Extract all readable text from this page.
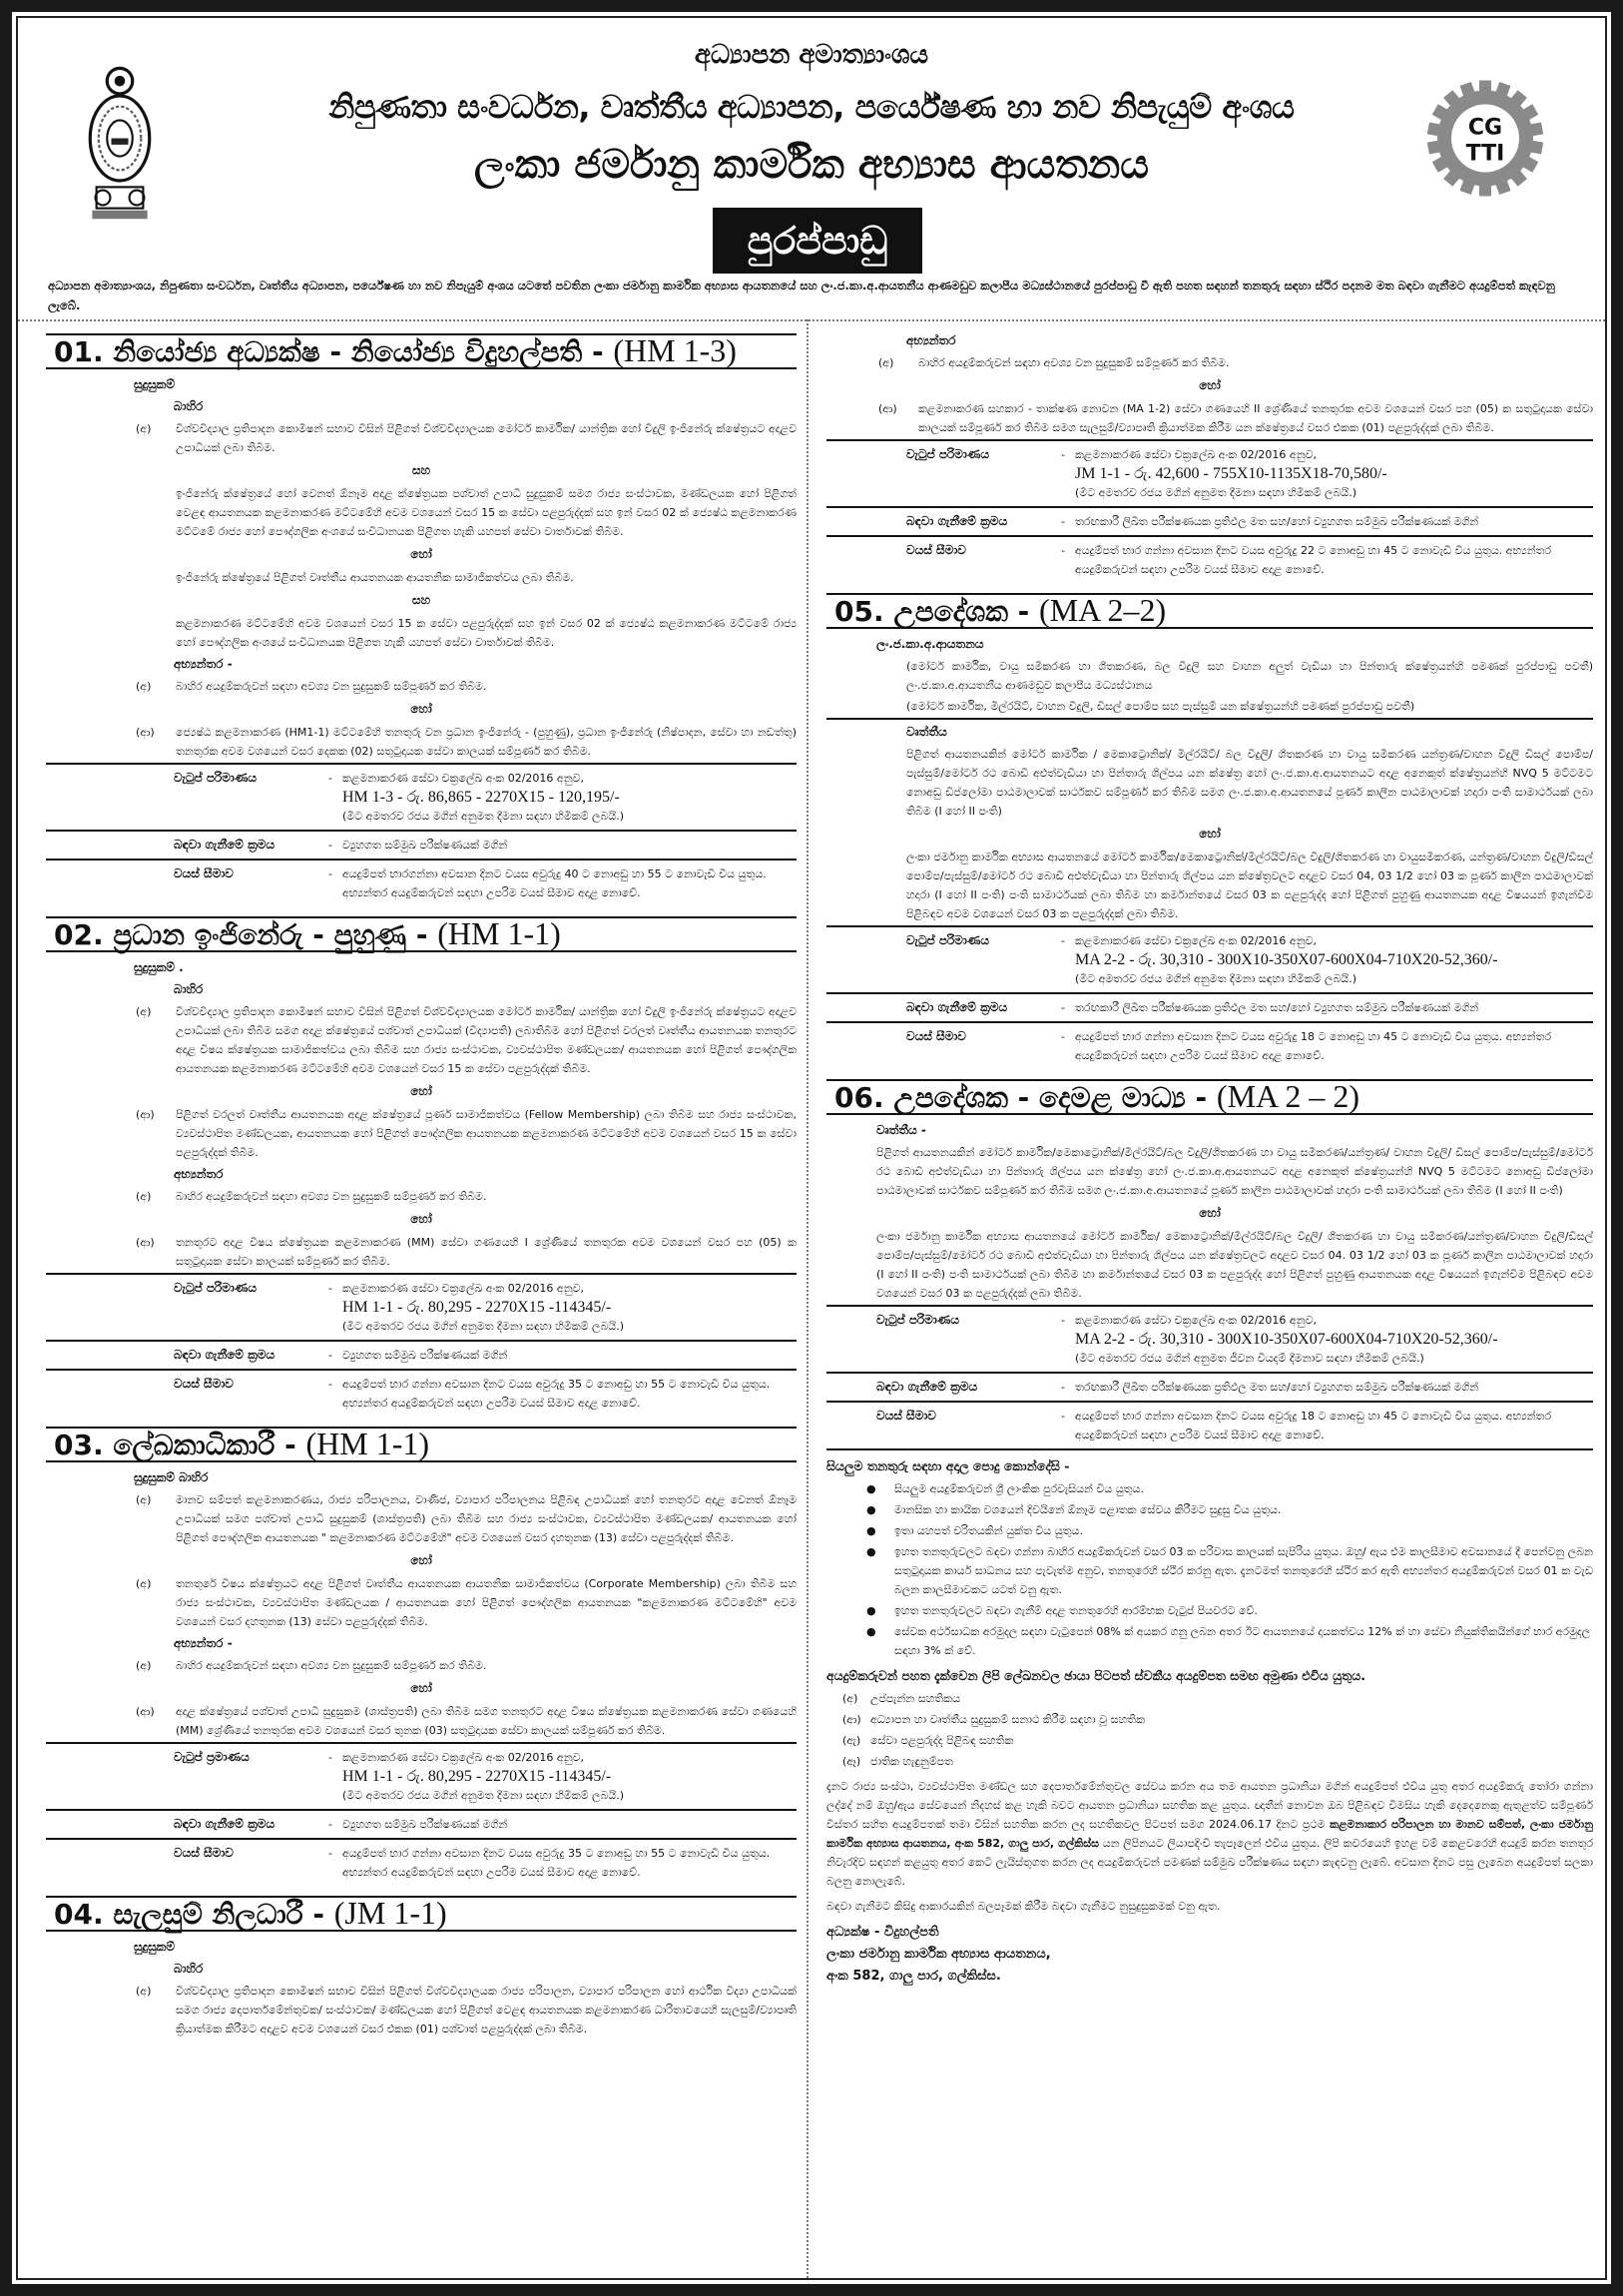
අධ්‍යාපන අමාත්‍යාංශය
නිපුණතා සංවර්ධන, වෘත්තීය අධ්‍යාපන, පර්යේෂණ හා නව නිපැයුම් අංශය
ලංකා ජර්මානු කාර්මික අභ්‍යාස ආයතනය
පුරප්පාඩු
CG
TTI
අධ්‍යාපන අමාත්‍යාංශය, නිපුණතා සංවර්ධන, වෘත්තීය අධ්‍යාපන, පර්යේෂණ හා නව නිපැයුම් අංශය යටතේ පවතින ලංකා ජර්මානු කාර්මික අභ්‍යාස ආයතනයේ සහ ලං.ජ.කා.අ.ආයතනීය ආණමඩුව කලාපීය මධ්‍යස්ථානයේ පුරප්පාඩු වී ඇති පහත සඳහන් තනතුරු සඳහා ස්ථිර පදනම මත බඳවා ගැනීමට අයදුම්පත් කැඳවනු ලැබේ.
01. නියෝජ්‍ය අධ්‍යක්ෂ - නියෝජ්‍ය විදුහල්පති - (HM 1-3)
සුදුසුකම්
බාහිර
(අ)	විශ්වවිද්‍යාල ප්‍රතිපාදන කොමිෂන් සභාව විසින් පිළිගත් විශ්වවිද්‍යාලයක මෝටර් කාර්මික/ යාන්ත්‍රික හෝ විදුලි ඉංජිනේරු ක්ෂේත්‍රයට අදාළව උපාධියක් ලබා තිබීම.
සහ
ඉංජිනේරු ක්ෂේත්‍රයේ හෝ වෙනත් ඕනෑම අදාළ ක්ෂේත්‍රයක පශ්චාත් උපාධි සුදුසුකම් සමග රාජ්‍ය සංස්ථාවක, මණ්ඩලයක හෝ පිළිගත් වෙළඳ ආයතනයක කළමනාකරණ මට්ටමේහි අවම වශයෙන් වසර 15 ක සේවා පළපුරුද්දක් සහ ඉන් වසර 02 ක් ජ්‍යෙෂ්ඨ කළමනාකරණ මට්ටමේ රාජ්‍ය හෝ පෞද්ගලික අංශයේ සංවිධානයක පිළිගත හැකි යහපත් සේවා වාර්තාවක් තිබීම.
හෝ
ඉංජිනේරු ක්ෂේත්‍රයේ පිළිගත් වෘත්තීය ආයතනයක ආයතනික සාමාජිකත්වය ලබා තිබීම.
සහ
කළමනාකරණ මට්ටමේහි අවම වශයෙන් වසර 15 ක සේවා පළපුරුද්දක් සහ ඉන් වසර 02 ක් ජ්‍යෙෂ්ඨ කළමනාකරණ මට්ටමේ රාජ්‍ය හෝ පෞද්ගලික අංශයේ සංවිධානයක පිළිගත හැකි යහපත් සේවා වාර්තාවක් තිබීම.
අභ්‍යන්තර -
(අ)	බාහිර අයදුම්කරුවන් සඳහා අවශ්‍ය වන සුදුසුකම් සම්පූර්ණ කර තිබීම.
හෝ
(ආ)	ජ්‍යෙෂ්ඨ කළමනාකරණ (HM1-1) මට්ටමේහි තනතුරු වන ප්‍රධාන ඉංජිනේරු - (පුහුණු), ප්‍රධාන ඉංජිනේරු (නිෂ්පාදන, සේවා හා නඩත්තු) තනතුරක අවම වශයෙන් වසර දෙකක (02) සතුටුදායක සේවා කාලයක් සම්පූර්ණ කර තිබීම.
වැටුප් පරිමාණය	- කළමනාකරණ සේවා චක්‍රලේඛ අංක 02/2016 අනුව,
HM 1-3 - රු. 86,865 - 2270X15 - 120,195/-
(මීට අමතරව රජය මගින් අනුමත දීමනා සඳහා හිමිකම් ලබයි.)
බඳවා ගැනීමේ ක්‍රමය	- ව්‍යුහගත සම්මුඛ පරීක්ෂණයක් මගින්
වයස් සීමාව	- අයදුම්පත් භාරගන්නා අවසාන දිනට වයස අවුරුදු 40 ට නොඅඩු හා 55 ට නොවැඩි විය යුතුය. අභ්‍යන්තර අයදුම්කරුවන් සඳහා උපරිම වයස් සීමාව අදාළ නොවේ.
02. ප්‍රධාන ඉංජිනේරු - පුහුණු - (HM 1-1)
සුදුසුකම් .
බාහිර
(අ)	විශ්වවිද්‍යාල ප්‍රතිපාදන කොමිෂන් සභාව විසින් පිළිගත් විශ්වවිද්‍යාලයක මෝටර් කාර්මික/ යාන්ත්‍රික හෝ විදුලි ඉංජිනේරු ක්ෂේත්‍රයට අදාළව උපාධියක් ලබා තිබීම සමග අදාළ ක්ෂේත්‍රයේ පශ්චාත් උපාධියක් (විද්‍යාපති) ලබාතිබීම හෝ පිළිගත් වරලත් වෘත්තීය ආයතනයක තනතුරට අදාළ විෂය ක්ෂේත්‍රයක සාමාජිකත්වය ලබා තිබීම සහ රාජ්‍ය සංස්ථාවක, ව්‍යවස්ථාපිත මණ්ඩලයක/ ආයතනයක හෝ පිළිගත් පෞද්ගලික ආයතනයක කළමනාකරණ මට්ටමේහි අවම වශයෙන් වසර 15 ක සේවා පළපුරුද්දක් තිබීම.
හෝ
(ආ)	පිළිගත් වරලත් වෘත්තීය ආයතනයක අදාළ ක්ෂේත්‍රයේ පූර්ණ සාමාජිකත්වය (Fellow Membership) ලබා තිබීම සහ රාජ්‍ය සංස්ථාවක, ව්‍යවස්ථාපිත මණ්ඩලයක, ආයතනයක හෝ පිළිගත් පෞද්ගලික ආයතනයක කළමනාකරණ මට්ටමේහි අවම වශයෙන් වසර 15 ක සේවා පළපුරුද්දක් තිබීම.
අභ්‍යන්තර
(අ)	බාහිර අයදුම්කරුවන් සඳහා අවශ්‍ය වන සුදුසුකම් සම්පූර්ණ කර තිබීම.
හෝ
(ආ)	තනතුරට අදාළ විෂය ක්ෂේත්‍රයක කළමනාකරණ (MM) සේවා ගණයෙහි I ශ්‍රේණියේ තනතුරක අවම වශයෙන් වසර පහ (05) ක සතුටුදායක සේවා කාලයක් සම්පූර්ණ කර තිබීම.
වැටුප් පරිමාණය	- කළමනාකරණ සේවා චක්‍රලේඛ අංක 02/2016 අනුව,
HM 1-1 - රු. 80,295 - 2270X15 -114345/-
(මීට අමතරව රජය මගින් අනුමත දීමනා සඳහා හිමිකම් ලබයි.)
බඳවා ගැනීමේ ක්‍රමය	- ව්‍යුහගත සම්මුඛ පරීක්ෂණයක් මගින්
වයස් සීමාව	- අයදුම්පත් භාර ගන්නා අවසාන දිනට වයස අවුරුදු 35 ට නොඅඩු හා 55 ට නොවැඩි විය යුතුය. අභ්‍යන්තර අයදුම්කරුවන් සඳහා උපරිම වයස් සීමාව අදාළ නොවේ.
03. ලේඛකාධිකාරී - (HM 1-1)
සුදුසුකම් බාහිර
(අ)	මානව සම්පත් කළමනාකරණය, රාජ්‍ය පරිපාලනය, වාණිජ, ව්‍යාපාර පරිපාලනය පිළිබඳ උපාධියක් හෝ තනතුරට අදාළ වෙනත් ඕනෑම උපාධියක් සමග පශ්චාත් උපාධි සුදුසුකම් (ශාස්ත්‍රපති) ලබා තිබීම සහ රාජ්‍ය සංස්ථාවක, ව්‍යවස්ථාපිත මණ්ඩලයක/ ආයතනයක හෝ පිළිගත් පෞද්ගලික ආයතනයක " කළමනාකරණ මට්ටමේහි" අවම වශයෙන් වසර දහතුනක (13) සේවා පළපුරුද්දක් තිබීම.
හෝ
(අ)	තනතුරේ විෂය ක්ෂේත්‍රයට අදාළ පිළිගත් වෘත්තීය ආයතනයක ආයතනික සාමාජිකත්වය (Corporate Membership) ලබා තිබීම සහ රාජ්‍ය සංස්ථාවක, ව්‍යවස්ථාපිත මණ්ඩලයක / ආයතනයක හෝ පිළිගත් පෞද්ගලික ආයතනයක "කළමනාකරණ මට්ටමේහි" අවම වශයෙන් වසර දහතුනක (13) සේවා පළපුරුද්දක් තිබීම.
අභ්‍යන්තර -
(අ)	බාහිර අයදුම්කරුවන් සඳහා අවශ්‍ය වන සුදුසුකම් සම්පූර්ණ කර තිබීම.
හෝ
(ආ)	අදාළ ක්ෂේත්‍රයේ පශ්චාත් උපාධි සුදුසුකම (ශාස්ත්‍රපති) ලබා තිබීම සමග තනතුරට අදාළ විෂය ක්ෂේත්‍රයක කළමනාකරණ සේවා ගණයෙහි (MM) ශ්‍රේණියේ තනතුරක අවම වශයෙන් වසර තුනක (03) සතුටුදායක සේවා කාලයක් සම්පූර්ණ කර තිබීම.
වැටුප් ප්‍රමාණය	- කළමනාකරණ සේවා චක්‍රලේඛ අංක 02/2016 අනුව,
HM 1-1 - රු. 80,295 - 2270X15 -114345/-
(මීට අමතරව රජය මගින් අනුමත දීමනා සඳහා හිමිකම් ලබයි.)
බඳවා ගැනීමේ ක්‍රමය	- ව්‍යුහගත සම්මුඛ පරීක්ෂණයක් මගින්
වයස් සීමාව	- අයදුම්පත් භාර ගන්නා අවසාන දිනට වයස අවුරුදු 35 ට නොඅඩු හා 55 ට නොවැඩි විය යුතුය. අභ්‍යන්තර අයදුම්කරුවන් සඳහා උපරිම වයස් සීමාව අදාළ නොවේ.
04. සැලසුම් නිලධාරී - (JM 1-1)
සුදුසුකම්
බාහිර
(අ)	විශ්වවිද්‍යාල ප්‍රතිපාදන කොමිෂන් සභාව විසින් පිළිගත් විශ්වවිද්‍යාලයක රාජ්‍ය පරිපාලන, ව්‍යාපාර පරිපාලන හෝ ආර්ථික විද්‍යා උපාධියක් සමග රාජ්‍ය දෙපාර්තමේන්තුවක/ සංස්ථාවක/ මණ්ඩලයක හෝ පිළිගත් වෙළඳ ආයතනයක කළමනාකරණ ධාරිතාවයෙහි සැලසුම්/ව්‍යාපෘති ක්‍රියාත්මක කිරීමට අදාළව අවම වශයෙන් වසර එකක (01) පශ්චාත් පළපුරුද්දක් ලබා තිබීම.
අභ්‍යන්තර
(අ)	බාහිර අයදුම්කරුවන් සඳහා අවශ්‍ය වන සුදුසුකම් සම්පූර්ණ කර තිබීම.
හෝ
(ආ)	කළමනාකරණ සහකාර - තාක්ෂණ නොවන (MA 1-2) සේවා ගණයෙහි II ශ්‍රේණියේ තනතුරක අවම වශයෙන් වසර පහ (05) ක සතුටුදායක සේවා කාලයක් සම්පූර්ණ කර තිබීම සමග සැලසුම්/ව්‍යාපෘති ක්‍රියාත්මක කිරීම යන ක්ෂේත්‍රයේ වසර එකක (01) පළපුරුද්දක් ලබා තිබීම.
වැටුප් පරිමාණය	- කළමනාකරණ සේවා චක්‍රලේඛ අංක 02/2016 අනුව,
JM 1-1 - රු. 42,600 - 755X10-1135X18-70,580/-
(මීට අමතරව රජය මගින් අනුමත දීමනා සඳහා හිමිකම් ලබයි.)
බඳවා ගැනීමේ ක්‍රමය	- තරඟකාරී ලිඛිත පරීක්ෂණයක ප්‍රතිඵල මත සහ/හෝ ව්‍යුහගත සම්මුඛ පරීක්ෂණයක් මගින්
වයස් සීමාව	- අයදුම්පත් භාර ගන්නා අවසාන දිනට වයස අවුරුදු 22 ට නොඅඩු හා 45 ට නොවැඩි විය යුතුය. අභ්‍යන්තර අයදුම්කරුවන් සඳහා උපරිම වයස් සීමාව අදාළ නොවේ.
05. උපදේශක - (MA 2–2)
ලං.ජ.කා.අ.ආයතනය
(මෝටර් කාර්මික, වායු සමීකරණ හා ශීතකරණ, බල විදුලි සහ වාහන අලුත් වැඩියා හා පින්තාරු ක්ෂේත්‍රයන්හි පමණක් පුරප්පාඩු පවතී) ලං.ජ.කා.අ.ආයතනීය ආණමඩුව කලාපීය මධ්‍යස්ථානය
(මෝටර් කාර්මික, මිල්රයිට්, වාහන විදුලි, ඩීසල් පොම්ප සහ පැස්සුම් යන ක්ෂේත්‍රයන්හි පමණක් පුරප්පාඩු පවතී)
වෘත්තීය
පිළිගත් ආයතනයකින් මෝටර් කාර්මික / මෙකාට්‍රොනික්/ මිල්රයිට්/ බල විදුලි/ ශීතකරණ හා වායු සමීකරණ යන්ත්‍රණ/වාහන විදුලි ඩීසල් පොම්ප/පැස්සුම්/මෝටර් රථ බොඩි අළුත්වැඩියා හා පින්තාරු ශිල්පය යන ක්ෂේත්‍ර හෝ ලං.ජ.කා.අ.ආයතනයට අදාළ අනෙකුත් ක්ෂේත්‍රයන්හි NVQ 5 මට්ටමට නොඅඩු ඩිප්ලෝමා පාඨමාලාවක් සාර්ථකව සම්පූර්ණ කර තිබීම සමග ලං.ජ.කා.අ.ආයතනයේ පූර්ණ කාලීන පාඨමාලාවක් හදාරා පංති සාමාර්ථයක් ලබා තිබීම (I හෝ II පංති)
හෝ
ලංකා ජර්මානු කාර්මික අභ්‍යාස ආයතනයේ මෝටර් කාර්මික/මෙකාට්‍රොනික්/මිල්රයිට්/බල විදුලි/ශීතකරණ හා වායුසමීකරණ, යන්ත්‍රණ/වාහන විදුලි/ඩීසල් පොම්ප/පැස්සුම්/මෝටර් රථ බොඩි අළුත්වැඩියා හා පින්තාරු ශිල්පය යන ක්ෂේත්‍රවලට අදාළව වසර 04, 03 1/2 හෝ 03 ක පූර්ණ කාලීන පාඨමාලාවක් හදාරා (I හෝ II පංති) පංති සාමාර්ථයක් ලබා තිබීම හා කර්මාන්තයේ වසර 03 ක පළපුරුද්ද හෝ පිළිගත් පුහුණු ආයතනයක අදාළ විෂයයන් ඉගැන්වීම පිළිබඳව අවම වශයෙන් වසර 03 ක පළපුරුද්දක් ලබා තිබීම.
වැටුප් පරිමාණය	- කළමනාකරණ සේවා චක්‍රලේඛ අංක 02/2016 අනුව,
MA 2-2 - රු. 30,310 - 300X10-350X07-600X04-710X20-52,360/-
(මීට අමතරව රජය මගින් අනුමත දීමනා සඳහා හිමිකම් ලබයි.)
බඳවා ගැනීමේ ක්‍රමය	- තරඟකාරී ලිඛිත පරීක්ෂණයක ප්‍රතිඵල මත සහ/හෝ ව්‍යුහගත සම්මුඛ පරීක්ෂණයක් මගින්
වයස් සීමාව	- අයදුම්පත් භාර ගන්නා අවසාන දිනට වයස අවුරුදු 18 ට නොඅඩු හා 45 ට නොවැඩි විය යුතුය. අභ්‍යන්තර අයදුම්කරුවන් සඳහා උපරිම වයස් සීමාව අදාළ නොවේ.
06. උපදේශක - දෙමළ මාධ්‍ය - (MA 2 – 2)
වෘත්තීය -
පිළිගත් ආයතනයකින් මෝටර් කාර්මික/මෙකාට්‍රොනික්/මිල්රයිට්/බල විදුලි/ශීතකරණ හා වායු සමීකරණ/යන්ත්‍රණ/ වාහන විදුලි/ ඩීසල් පොම්ප/පැස්සුම්/මෝටර් රථ බොඩි අළුත්වැඩියා හා පින්තාරු ශිල්පය යන ක්ෂේත්‍ර හෝ ලං.ජ.කා.අ.ආයතනයට අදාළ අනෙකුත් ක්ෂේත්‍රයන්හි NVQ 5 මට්ටමට නොඅඩු ඩිප්ලෝමා පාඨමාලාවක් සාර්ථකව සම්පූර්ණ කර තිබීම සමග ලං.ජ.කා.අ.ආයතනයේ පූර්ණ කාලීන පාඨමාලාවක් හදාරා පංති සාමාර්ථයක් ලබා තිබීම (I හෝ II පංති)
හෝ
ලංකා ජර්මානු කාර්මික අභ්‍යාස ආයතනයේ මෝටර් කාර්මික/ මෙකාට්‍රොනික්/මිල්රයිට්/බල විදුලි/ ශීතකරණ හා වායු සමීකරණ/යන්ත්‍රණ/වාහන විදුලි/ඩීසල් පොම්ප/පැස්සුම්/මෝටර් රථ බොඩි අළුත්වැඩියා හා පින්තාරු ශිල්පය යන ක්ෂේත්‍රවලට අදාළව වසර 04. 03 1/2 හෝ 03 ක පූර්ණ කාලීන පාඨමාලාවක් හදාරා (I හෝ II පංති) පංති සාමාර්ථයක් ලබා තිබීම හා කර්මාන්තයේ වසර 03 ක පළපුරුද්ද හෝ පිළිගත් පුහුණු ආයතනයක අදාළ විෂයයන් ඉගැන්වීම පිළිබඳව අවම වශයෙන් වසර 03 ක පළපුරුද්දක් ලබා තිබීම.
වැටුප් පරිමාණය	- කළමනාකරණ සේවා චක්‍රලේඛ අංක 02/2016 අනුව,
MA 2-2 - රු. 30,310 - 300X10-350X07-600X04-710X20-52,360/-
(මීට අමතරව රජය මගින් අනුමත ජීවන වියදම් දීමනාව සඳහා හිමිකම් ලබයි.)
බඳවා ගැනීමේ ක්‍රමය	- තරඟකාරී ලිඛිත පරීක්ෂණයක ප්‍රතිඵල මත සහ/හෝ ව්‍යුහගත සම්මුඛ පරීක්ෂණයක් මගින්
වයස් සීමාව	- අයදුම්පත් භාර ගන්නා අවසාන දිනට වයස අවුරුදු 18 ට නොඅඩු හා 45 ට නොවැඩි විය යුතුය. අභ්‍යන්තර අයදුම්කරුවන් සඳහා උපරිම වයස් සීමාව අදාළ නොවේ.
සියලුම තනතුරු සඳහා අදාල පොදු කොන්දේසි -
●	සියලුම අයදුම්කරුවන් ශ්‍රී ලාංකික පුරවැසියන් විය යුතුය.
●	මානසික හා කායික වශයෙන් දිවයිනේ ඕනෑම පළාතක සේවය කිරීමට සුදුසු විය යුතුය.
●	ඉතා යහපත් චරිතයකින් යුක්ත විය යුතුය.
●	ඉහත තනතුරුවලට බඳවා ගන්නා බාහිර අයදුම්කරුවන් වසර 03 ක පරිවාස කාලයක් සැපිරිය යුතුය. ඔහු/ ඇය එම කාලසීමාව අවසානයේ දී පෙන්වනු ලබන සතුටුදායක කාර්ය සාධනය සහ පැවැත්ම අනුව, තනතුරෙහි ස්ථිර කරනු ඇත. දැනටමත් තනතුරෙහි ස්ථිර කර ඇති අභ්‍යන්තර අයදුම්කරුවන් වසර 01 ක වැඩ බලන කාලසීමාවකට යටත් වනු ඇත.
●	ඉහත තනතුරුවලට බඳවා ගැනීම් අදාළ තනතුරෙහි ආරම්භක වැටුප් පියවරට වේ.
●	සේවක අර්ථසාධක අරමුදල සඳහා වැටුපෙන් 08% ක් අයකර ගනු ලබන අතර ඊට ආයතනයේ දායකත්වය 12% ක් හා සේවා නියුක්තිකයින්ගේ භාර අරමුදල සඳහා 3% ක් වේ.
අයදුම්කරුවන් පහත දැක්වෙන ලිපි ලේඛනවල ඡායා පිටපත් ස්වකීය අයදුම්පත සමඟ අමුණා එවිය යුතුය.
(අ)	උප්පැන්න සහතිකය
(ආ) අධ්‍යාපන හා වෘත්තීය සුදුසුකම් සනාථ කිරීම සඳහා වූ සහතික
(ඇ) සේවා පළපුරුද්ද පිළිබඳ සහතික
(ඈ) ජාතික හැඳුනුම්පත
දැනට රාජ්‍ය සංස්ථා, ව්‍යවස්ථාපිත මණ්ඩල සහ දෙපාර්තමේන්තුවල සේවය කරන අය තම ආයතන ප්‍රධානියා මගින් අයදුම්පත් එවිය යුතු අතර අයදුම්කරු තෝරා ගන්නා ලද්දේ නම් ඔහු/ඇය සේවයෙන් නිදහස් කළ හැකි බවට ආයතන ප්‍රධානියා සහතික කළ යුතුය. ඥාතීන් නොවන ඔබ පිළිබඳව විමසිය හැකි දෙදෙනෙකු ඇතුළත්ව සම්පූර්ණ විස්තර සහිත අයදුම්පතක් තමා විසින් සහතික කරන ලද සහතිකවල පිටපත් සමග 2024.06.17 දිනට ප්‍රථම කළමනාකාර පරිපාලන හා මානව සම්පත්, ලංකා ජර්මානු කාර්මික අභ්‍යාස ආයතනය, අංක 582, ගාලු පාර, ගල්කිස්ස යන ලිපිනයට ලියාපදිංචි තැපෑලෙන් එවිය යුතුය. ලිපි කවරයෙහි ඉහළ වම් කෙළවරෙහි අයදුම් කරන තනතුර නිවැරදිව සඳහන් කළයුතු අතර කෙටි ලැයිස්තුගත කරන ලද අයදුම්කරුවන් පමණක් සම්මුඛ පරීක්ෂණය සඳහා කැඳවනු ලැබේ. අවසාන දිනට පසු ලැබෙන අයදුම්පත් සලකා බලනු නොලැබේ.
බඳවා ගැනීමට කිසිදු ආකාරයකින් බලපෑමක් කිරීම බඳවා ගැනීමට නුසුදුසුකමක් වනු ඇත.
අධ්‍යක්ෂ - විදුහල්පති
ලංකා ජර්මානු කාර්මික අභ්‍යාස ආයතනය,
අංක 582, ගාලු පාර, ගල්කිස්ස.
